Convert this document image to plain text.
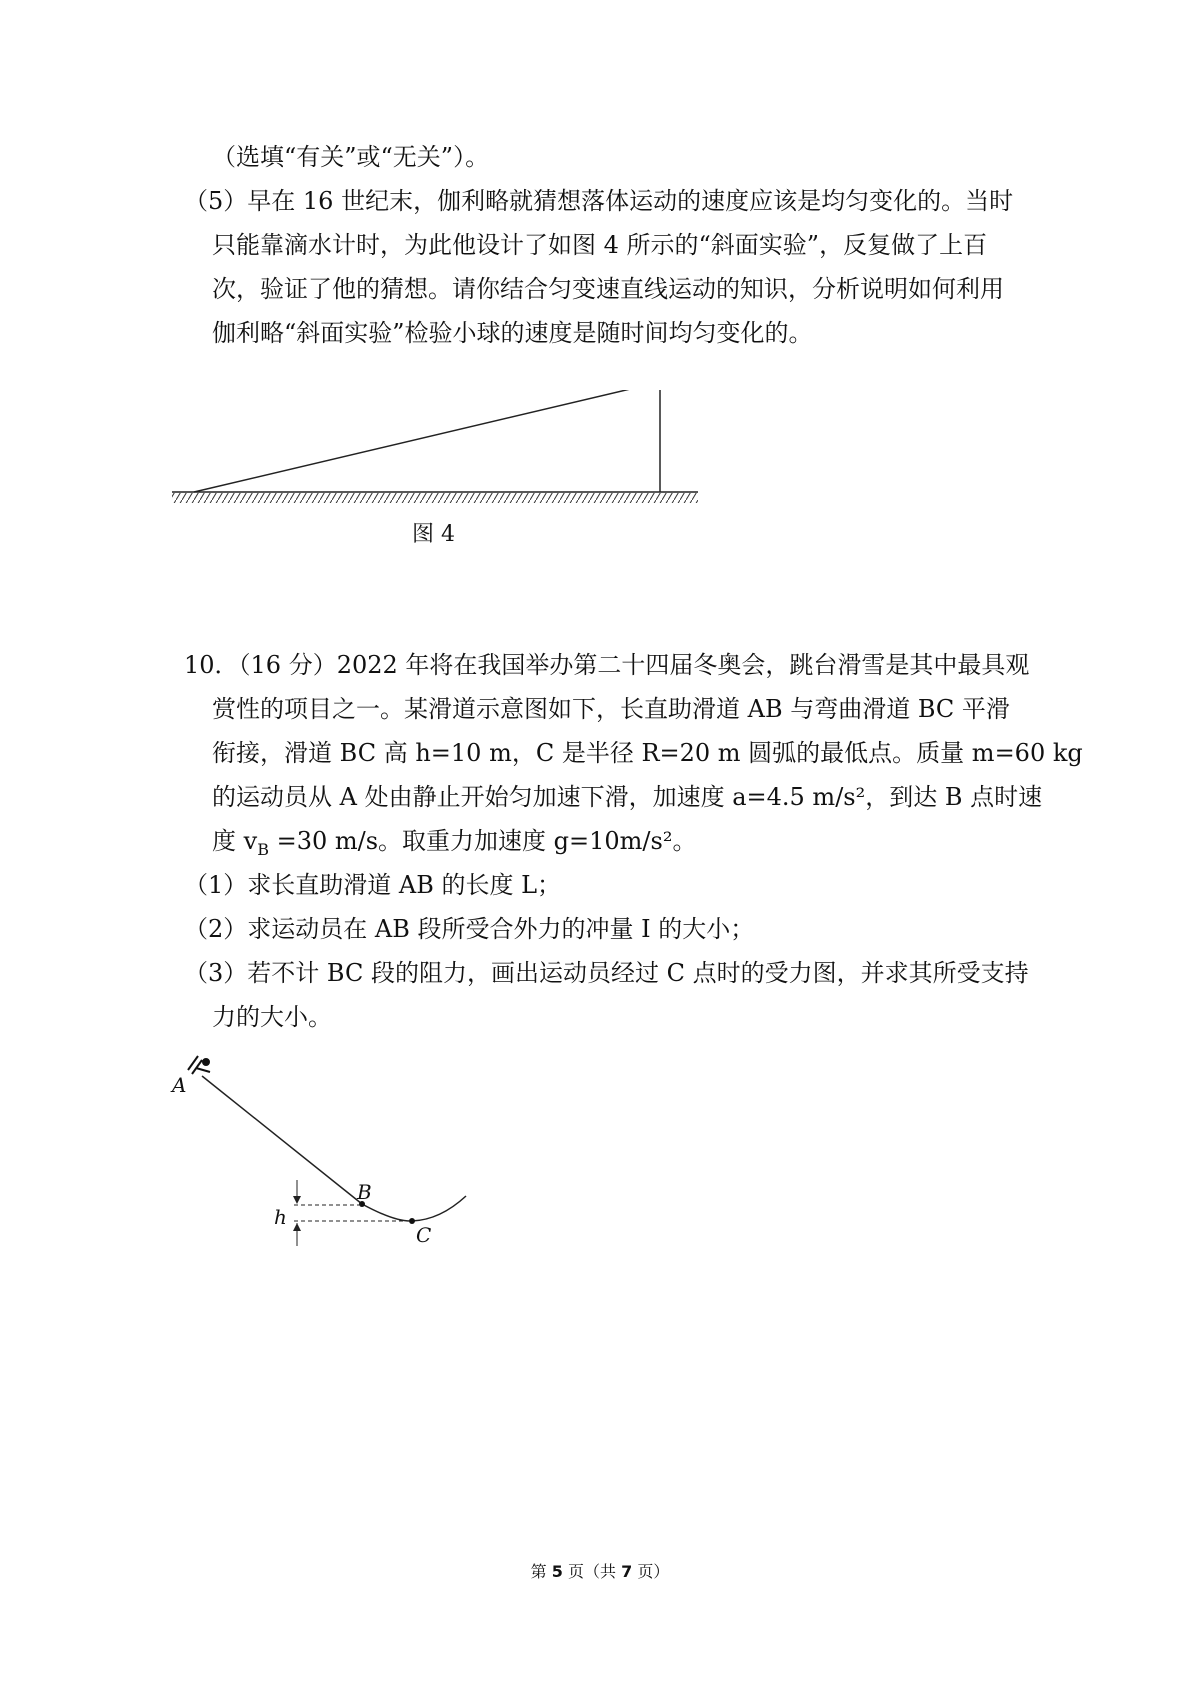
（选填“有关”或“无关”）。
（5）早在 16 世纪末，伽利略就猜想落体运动的速度应该是均匀变化的。当时
只能靠滴水计时，为此他设计了如图 4 所示的“斜面实验”，反复做了上百
次，验证了他的猜想。请你结合匀变速直线运动的知识，分析说明如何利用
伽利略“斜面实验”检验小球的速度是随时间均匀变化的。
图 4
10．（16 分）2022 年将在我国举办第二十四届冬奥会，跳台滑雪是其中最具观
赏性的项目之一。某滑道示意图如下，长直助滑道 AB 与弯曲滑道 BC 平滑
衔接，滑道 BC 高 h=10 m，C 是半径 R=20 m 圆弧的最低点。质量 m=60 kg
的运动员从 A 处由静止开始匀加速下滑，加速度 a=4.5 m/s²，到达 B 点时速
度 $v_B =30$ m/s。取重力加速度 g=10m/s²。
（1）求长直助滑道 AB 的长度 L；
（2）求运动员在 AB 段所受合外力的冲量 I 的大小；
（3）若不计 BC 段的阻力，画出运动员经过 C 点时的受力图，并求其所受支持
力的大小。
A
B
C
h
第 5 页（共 7 页）
